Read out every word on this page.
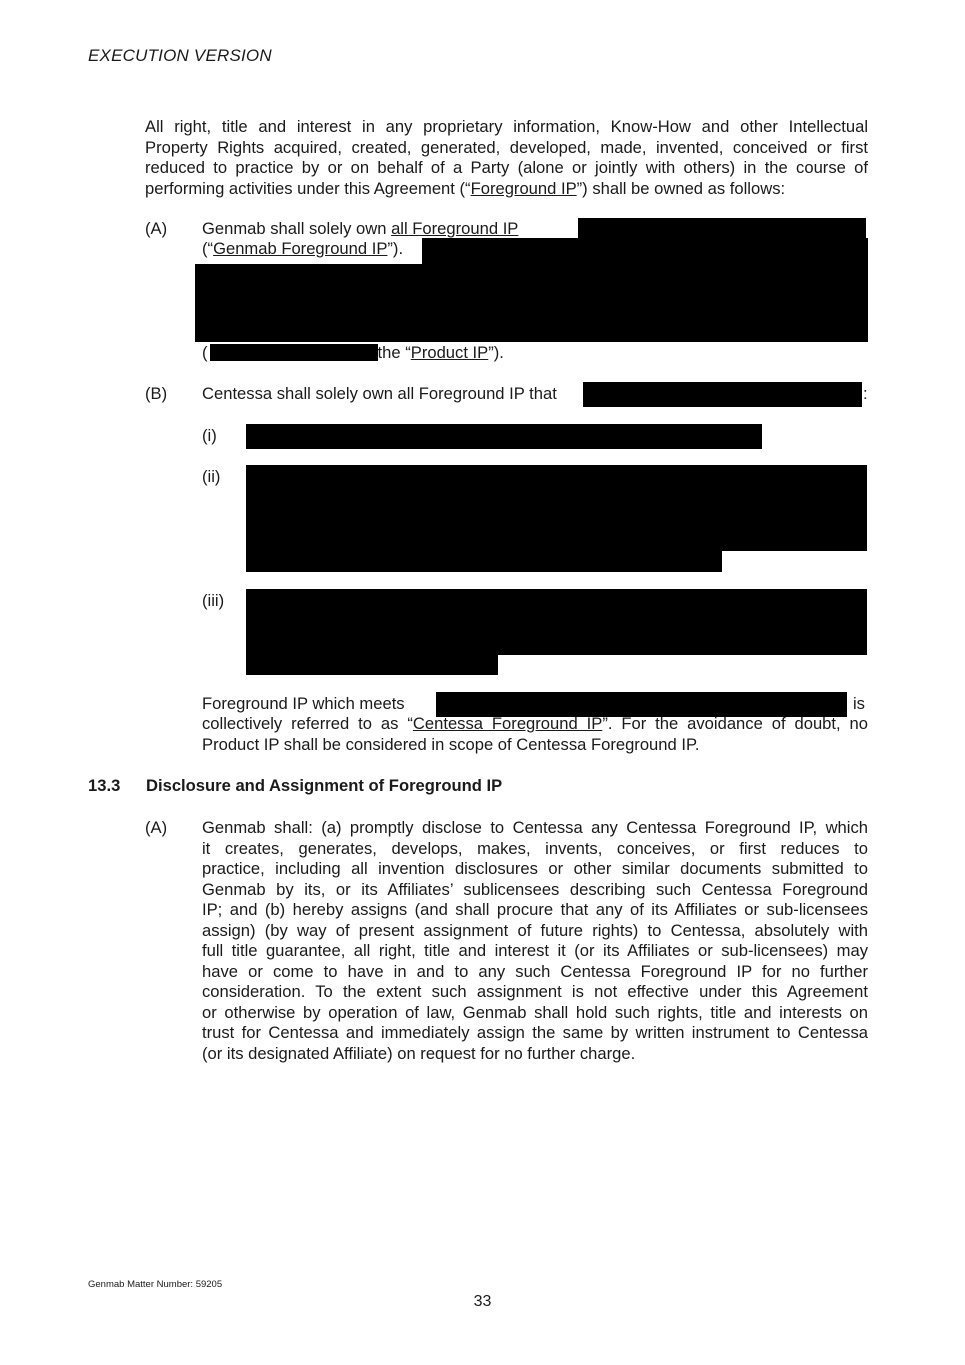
EXECUTION VERSION
All right, title and interest in any proprietary information, Know-How and other Intellectual
Property Rights acquired, created, generated, developed, made, invented, conceived or first
reduced to practice by or on behalf of a Party (alone or jointly with others) in the course of
performing activities under this Agreement (“Foreground IP”) shall be owned as follows:
(A) Genmab shall solely own all Foreground IP
(“Genmab Foreground IP”).
(	the “Product IP”).
(B) Centessa shall solely own all Foreground IP that	:
(i)
(ii)
(iii)
Foreground IP which meets	is
collectively referred to as “Centessa Foreground IP”. For the avoidance of doubt, no
Product IP shall be considered in scope of Centessa Foreground IP.
13.3 Disclosure and Assignment of Foreground IP
(A) Genmab shall: (a) promptly disclose to Centessa any Centessa Foreground IP, which
it creates, generates, develops, makes, invents, conceives, or first reduces to
practice, including all invention disclosures or other similar documents submitted to
Genmab by its, or its Affiliates’ sublicensees describing such Centessa Foreground
IP; and (b) hereby assigns (and shall procure that any of its Affiliates or sub-licensees
assign) (by way of present assignment of future rights) to Centessa, absolutely with
full title guarantee, all right, title and interest it (or its Affiliates or sub-licensees) may
have or come to have in and to any such Centessa Foreground IP for no further
consideration. To the extent such assignment is not effective under this Agreement
or otherwise by operation of law, Genmab shall hold such rights, title and interests on
trust for Centessa and immediately assign the same by written instrument to Centessa
(or its designated Affiliate) on request for no further charge.
Genmab Matter Number: 59205
33
